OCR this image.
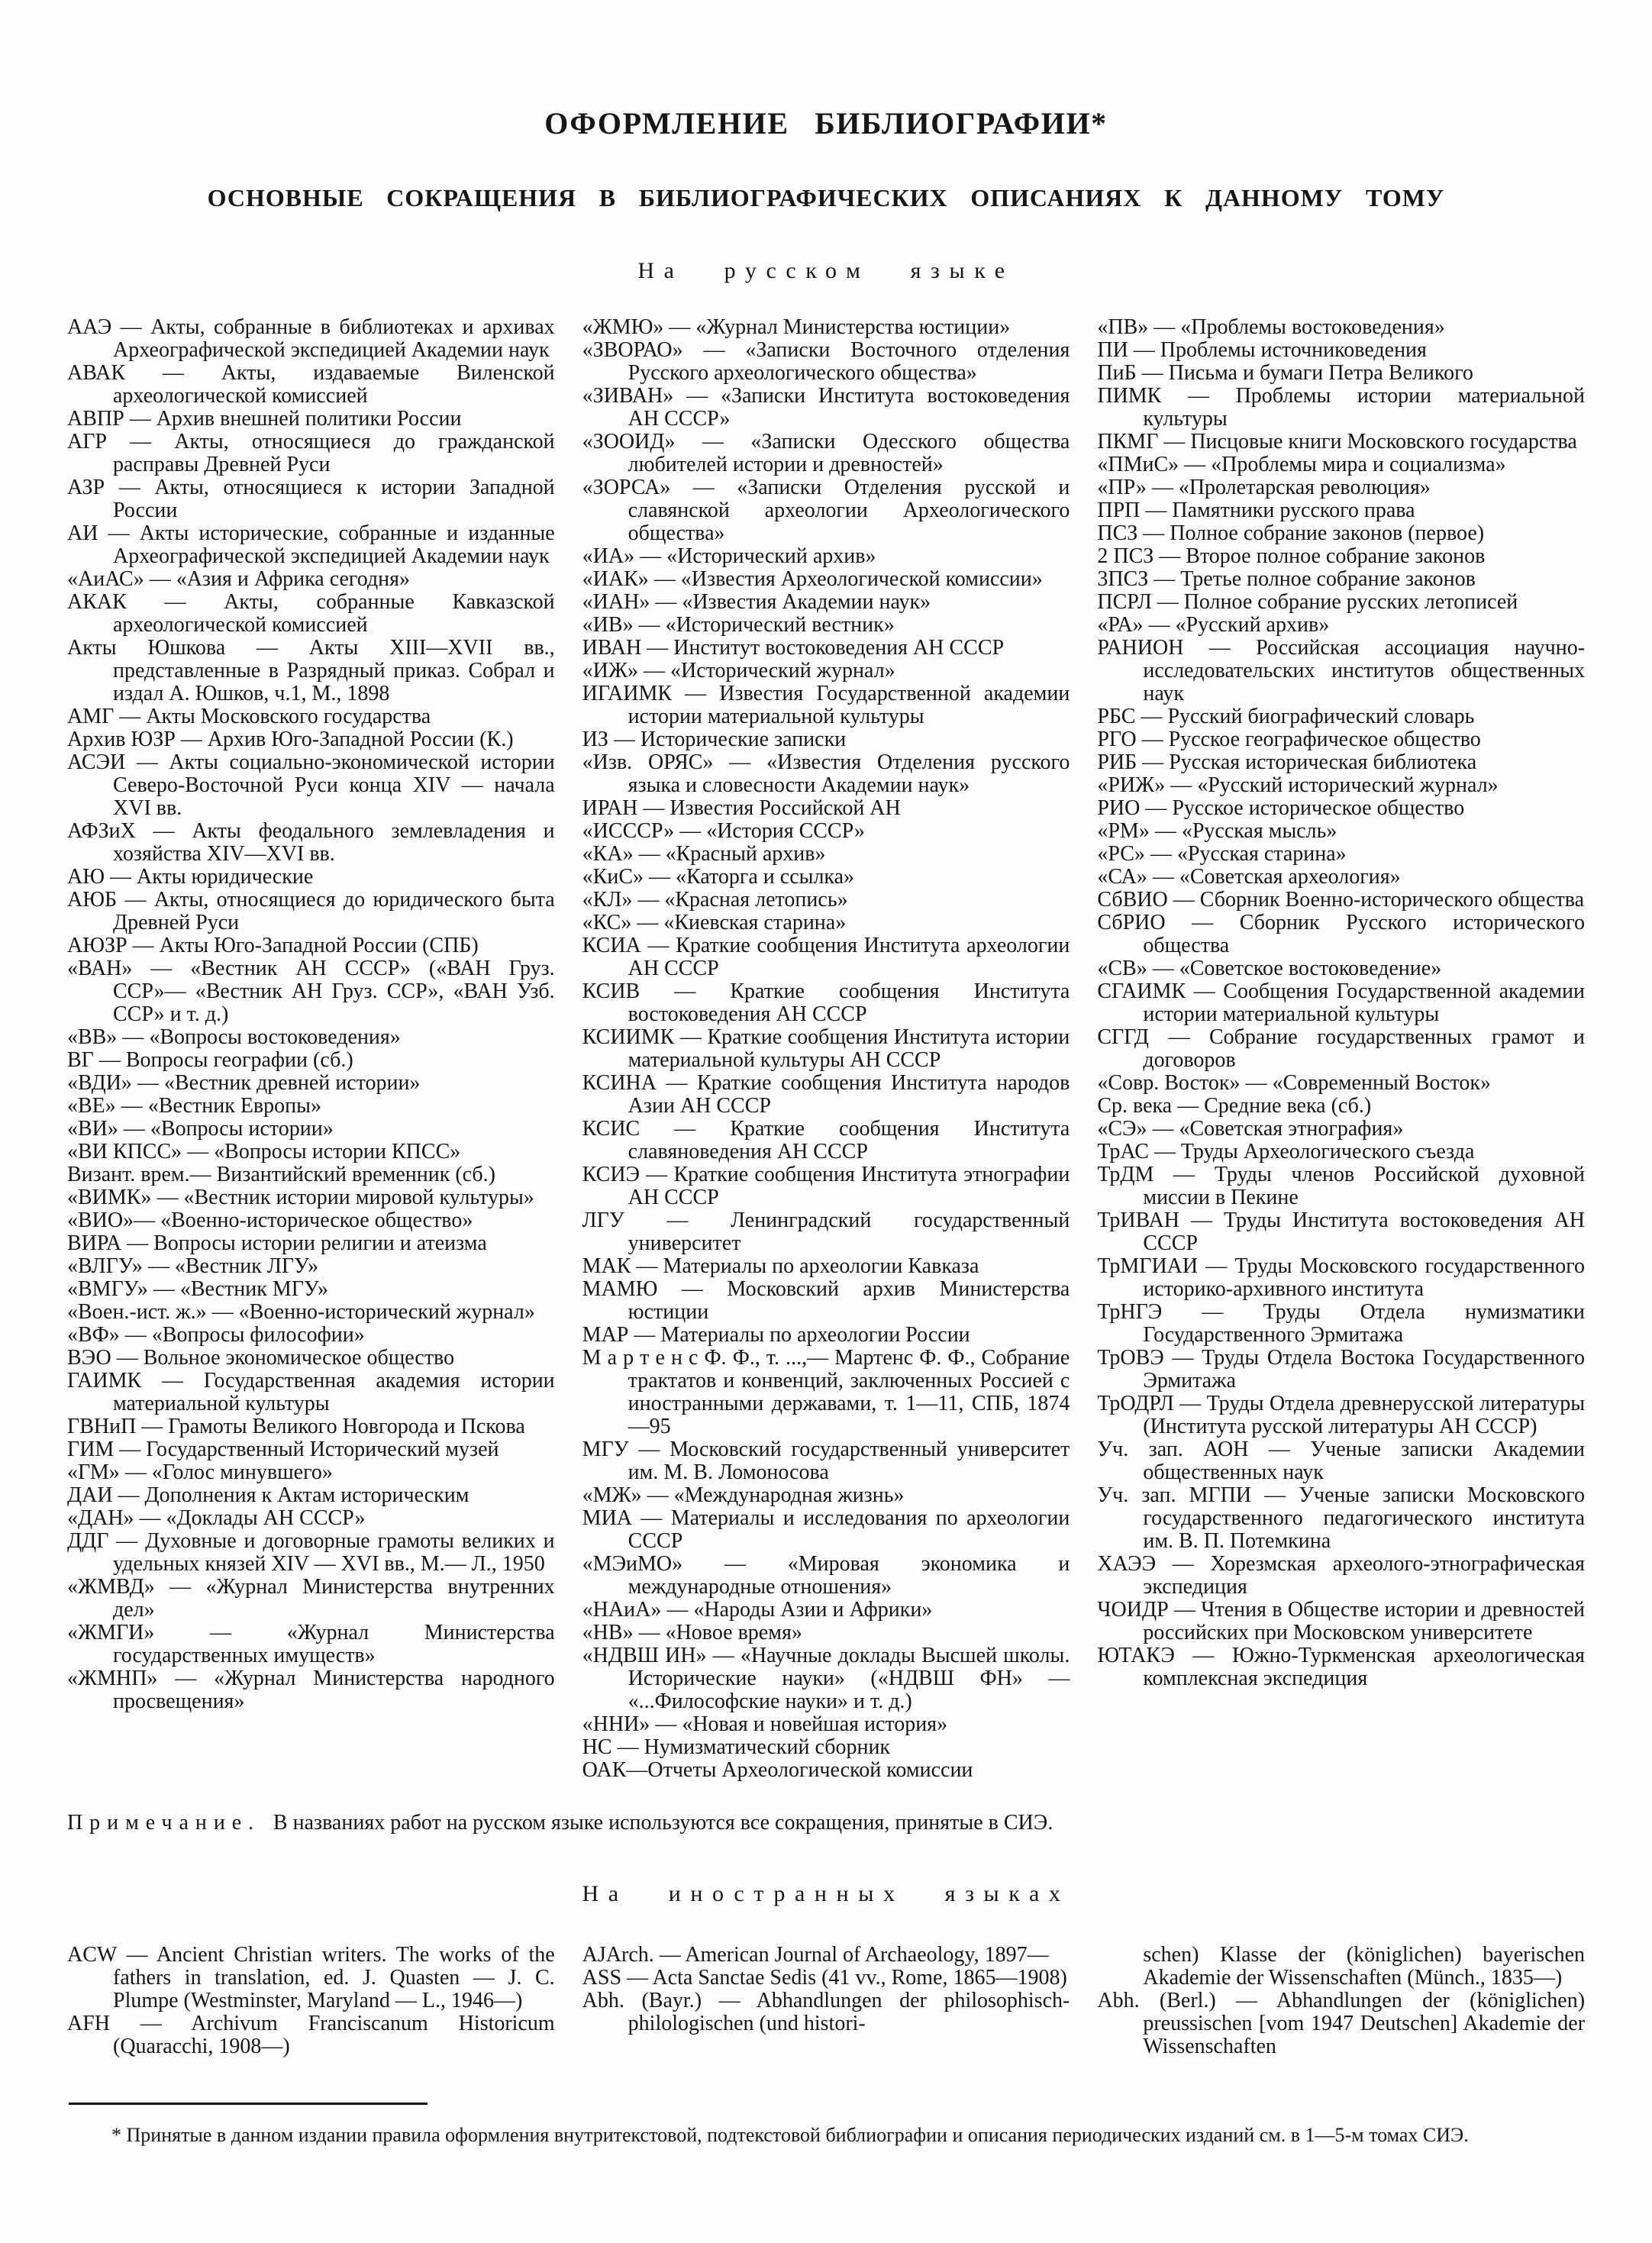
ОФОРМЛЕНИЕ БИБЛИОГРАФИИ*
ОСНОВНЫЕ СОКРАЩЕНИЯ В БИБЛИОГРАФИЧЕСКИХ ОПИСАНИЯХ К ДАННОМУ ТОМУ
На русском языке

ААЭ — Акты, собранные в библиотеках и архивах Археографической экспедицией Академии наук

АВАК — Акты, издаваемые Виленской археологической комиссией

АВПР — Архив внешней политики России

АГР — Акты, относящиеся до гражданской расправы Древней Руси

АЗР — Акты, относящиеся к истории Западной России

АИ — Акты исторические, собранные и изданные Археографической экспедицией Академии наук

«АиАС» — «Азия и Африка сегодня»

АКАК — Акты, собранные Кавказской археологической комиссией

Акты Юшкова — Акты XIII—XVII вв., представленные в Разрядный приказ. Собрал и издал А. Юшков, ч.1, М., 1898

АМГ — Акты Московского государства

Архив ЮЗР — Архив Юго-Западной России (К.)

АСЭИ — Акты социально-экономической истории Северо-Восточной Руси конца XIV — начала XVI вв.

АФЗиХ — Акты феодального землевладения и хозяйства XIV—XVI вв.

АЮ — Акты юридические

АЮБ — Акты, относящиеся до юридического быта Древней Руси

АЮЗР — Акты Юго-Западной России (СПБ)

«ВАН» — «Вестник АН СССР» («ВАН Груз. ССР»— «Вестник АН Груз. ССР», «ВАН Узб. ССР» и т. д.)

«ВВ» — «Вопросы востоковедения»

ВГ — Вопросы географии (сб.)

«ВДИ» — «Вестник древней истории»

«ВЕ» — «Вестник Европы»

«ВИ» — «Вопросы истории»

«ВИ КПСС» — «Вопросы истории КПСС»

Визант. врем.— Византийский временник (сб.)

«ВИМК» — «Вестник истории мировой культуры»

«ВИО»— «Военно-историческое общество»

ВИРА — Вопросы истории религии и атеизма

«ВЛГУ» — «Вестник ЛГУ»

«ВМГУ» — «Вестник МГУ»

«Воен.-ист. ж.» — «Военно-исторический журнал»

«ВФ» — «Вопросы философии»

ВЭО — Вольное экономическое общество

ГАИМК — Государственная академия истории материальной культуры

ГВНиП — Грамоты Великого Новгорода и Пскова

ГИМ — Государственный Исторический музей

«ГМ» — «Голос минувшего»

ДАИ — Дополнения к Актам историческим

«ДАН» — «Доклады АН СССР»

ДДГ — Духовные и договорные грамоты великих и удельных князей XIV — XVI вв., М.— Л., 1950

«ЖМВД» — «Журнал Министерства внутренних дел»

«ЖМГИ» — «Журнал Министерства государственных имуществ»

«ЖМНП» — «Журнал Министерства народного просвещения»

«ЖМЮ» — «Журнал Министерства юстиции»

«ЗВОРАО» — «Записки Восточного отделения Русского археологического общества»

«ЗИВАН» — «Записки Института востоковедения АН СССР»

«ЗООИД» — «Записки Одесского общества любителей истории и древностей»

«ЗОРСА» — «Записки Отделения русской и славянской археологии Археологического общества»

«ИА» — «Исторический архив»

«ИАК» — «Известия Археологической комиссии»

«ИАН» — «Известия Академии наук»

«ИВ» — «Исторический вестник»

ИВАН — Институт востоковедения АН СССР

«ИЖ» — «Исторический журнал»

ИГАИМК — Известия Государственной академии истории материальной культуры

ИЗ — Исторические записки

«Изв. ОРЯС» — «Известия Отделения русского языка и словесности Академии наук»

ИРАН — Известия Российской АН

«ИСССР» — «История СССР»

«КА» — «Красный архив»

«КиС» — «Каторга и ссылка»

«КЛ» — «Красная летопись»

«КС» — «Киевская старина»

КСИА — Краткие сообщения Института археологии АН СССР

КСИВ — Краткие сообщения Института востоковедения АН СССР

КСИИМК — Краткие сообщения Института истории материальной культуры АН СССР

КСИНА — Краткие сообщения Института народов Азии АН СССР

КСИС — Краткие сообщения Института славяноведения АН СССР

КСИЭ — Краткие сообщения Института этнографии АН СССР

ЛГУ — Ленинградский государственный университет

МАК — Материалы по археологии Кавказа

МАМЮ — Московский архив Министерства юстиции

МАР — Материалы по археологии России

М а р т е н с Ф. Ф., т. ...,— Мартенс Ф. Ф., Собрание трактатов и конвенций, заключенных Россией с иностранными державами, т. 1—11, СПБ, 1874—95

МГУ — Московский государственный университет им. М. В. Ломоносова

«МЖ» — «Международная жизнь»

МИА — Материалы и исследования по археологии СССР

«МЭиМО» — «Мировая экономика и международные отношения»

«НАиА» — «Народы Азии и Африки»

«НВ» — «Новое время»

«НДВШ ИН» — «Научные доклады Высшей школы. Исторические науки» («НДВШ ФН» — «...Философские науки» и т. д.)

«ННИ» — «Новая и новейшая история»

НС — Нумизматический сборник

ОАК—Отчеты Археологической комиссии

«ПВ» — «Проблемы востоковедения»

ПИ — Проблемы источниковедения

ПиБ — Письма и бумаги Петра Великого

ПИМК — Проблемы истории материальной культуры

ПКМГ — Писцовые книги Московского государства

«ПМиС» — «Проблемы мира и социализма»

«ПР» — «Пролетарская революция»

ПРП — Памятники русского права

ПСЗ — Полное собрание законов (первое)

2 ПСЗ — Второе полное собрание законов

3ПСЗ — Третье полное собрание законов

ПСРЛ — Полное собрание русских летописей

«РА» — «Русский архив»

РАНИОН — Российская ассоциация научно-исследовательских институтов общественных наук

РБС — Русский биографический словарь

РГО — Русское географическое общество

РИБ — Русская историческая библиотека

«РИЖ» — «Русский исторический журнал»

РИО — Русское историческое общество

«РМ» — «Русская мысль»

«РС» — «Русская старина»

«СА» — «Советская археология»

СбВИО — Сборник Военно-исторического общества

СбРИО — Сборник Русского исторического общества

«СВ» — «Советское востоковедение»

СГАИМК — Сообщения Государственной академии истории материальной культуры

СГГД — Собрание государственных грамот и договоров

«Совр. Восток» — «Современный Восток»

Ср. века — Средние века (сб.)

«СЭ» — «Советская этнография»

ТрАС — Труды Археологического съезда

ТрДМ — Труды членов Российской духовной миссии в Пекине

ТрИВАН — Труды Института востоковедения АН СССР

ТрМГИАИ — Труды Московского государственного историко-архивного института

ТрНГЭ — Труды Отдела нумизматики Государственного Эрмитажа

ТрОВЭ — Труды Отдела Востока Государственного Эрмитажа

ТрОДРЛ — Труды Отдела древнерусской литературы (Института русской литературы АН СССР)

Уч. зап. АОН — Ученые записки Академии общественных наук

Уч. зап. МГПИ — Ученые записки Московского государственного педагогического института им. В. П. Потемкина

ХАЭЭ — Хорезмская археолого-этнографическая экспедиция

ЧОИДР — Чтения в Обществе истории и древностей российских при Московском университете

ЮТАКЭ — Южно-Туркменская археологическая комплексная экспедиция

Примечание. В названиях работ на русском языке используются все сокращения, принятые в СИЭ.

На иностранных языках

ACW — Ancient Christian writers. The works of the fathers in translation, ed. J. Quasten — J. C. Plumpe (Westminster, Maryland — L., 1946—)

AFH — Archivum Franciscanum Historicum (Quaracchi, 1908—)

AJArch. — American Journal of Archaeology, 1897—

ASS — Acta Sanctae Sedis (41 vv., Rome, 1865—1908)

Abh. (Bayr.) — Abhandlungen der philosophisch-philologischen (und histori-

schen) Klasse der (königlichen) bayerischen Akademie der Wissenschaften (Münch., 1835—)

Abh. (Berl.) — Abhandlungen der (königlichen) preussischen [vom 1947 Deutschen] Akademie der Wissenschaften

* Принятые в данном издании правила оформления внутритекстовой, подтекстовой библиографии и описания периодических изданий см. в 1—5-м томах СИЭ.
